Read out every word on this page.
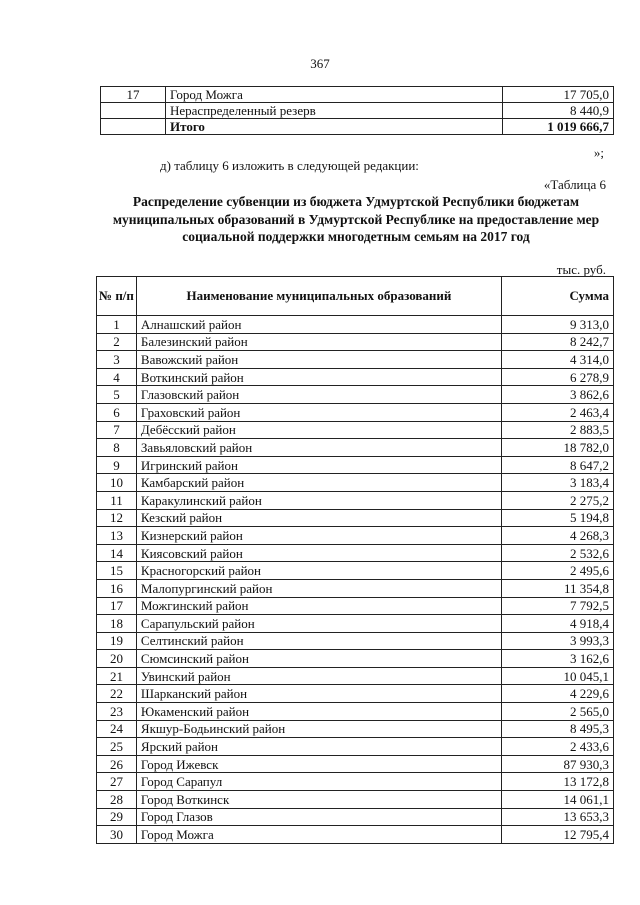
367
17	Город Можга	17 705,0
	Нераспределенный резерв	8 440,9
	Итого	1 019 666,7
»;
д) таблицу 6 изложить в следующей редакции:
«Таблица 6
Распределение субвенции из бюджета Удмуртской Республики бюджетам муниципальных образований в Удмуртской Республике на предоставление мер социальной поддержки многодетным семьям на 2017 год
тыс. руб.
№ п/п	Наименование муниципальных образований	Сумма
1	Алнашский район	9 313,0
2	Балезинский район	8 242,7
3	Вавожский район	4 314,0
4	Воткинский район	6 278,9
5	Глазовский район	3 862,6
6	Граховский район	2 463,4
7	Дебёсский район	2 883,5
8	Завьяловский район	18 782,0
9	Игринский район	8 647,2
10	Камбарский район	3 183,4
11	Каракулинский район	2 275,2
12	Кезский район	5 194,8
13	Кизнерский район	4 268,3
14	Киясовский район	2 532,6
15	Красногорский район	2 495,6
16	Малопургинский район	11 354,8
17	Можгинский район	7 792,5
18	Сарапульский район	4 918,4
19	Селтинский район	3 993,3
20	Сюмсинский район	3 162,6
21	Увинский район	10 045,1
22	Шарканский район	4 229,6
23	Юкаменский район	2 565,0
24	Якшур-Бодьинский район	8 495,3
25	Ярский район	2 433,6
26	Город Ижевск	87 930,3
27	Город Сарапул	13 172,8
28	Город Воткинск	14 061,1
29	Город Глазов	13 653,3
30	Город Можга	12 795,4
